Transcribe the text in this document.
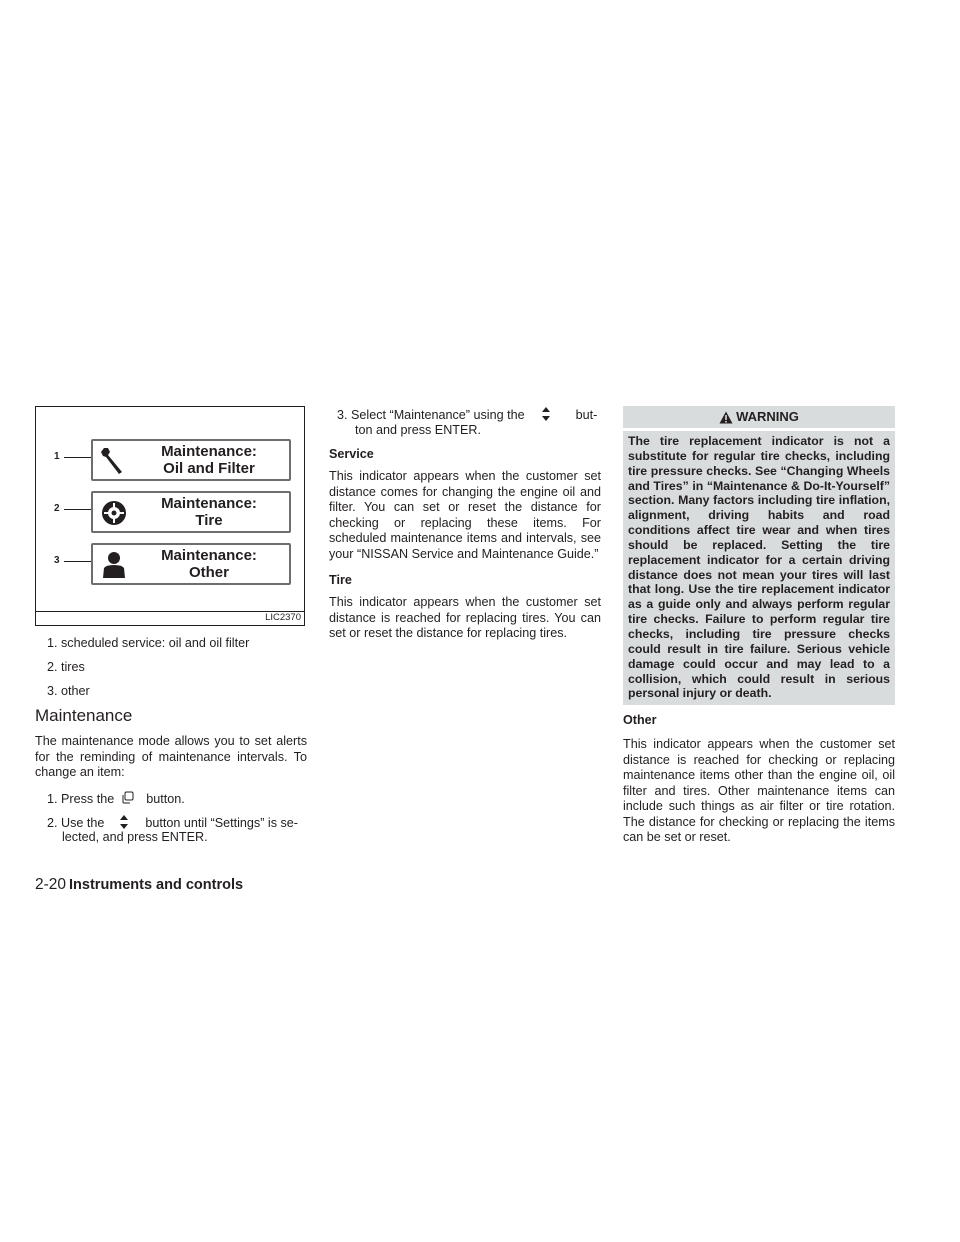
1	Maintenance:
Oil and Filter
2	Maintenance:
Tire
3	Maintenance:
Other
LIC2370
1. scheduled service: oil and oil filter
2. tires
3. other
Maintenance

The maintenance mode allows you to set alerts for the reminding of maintenance intervals. To change an item:

1. Press the	button.
2. Use the	button until “Settings” is se-
lected, and press ENTER.
3. Select “Maintenance” using the	but-
ton and press ENTER.
Service

This indicator appears when the customer set distance comes for changing the engine oil and filter. You can set or reset the distance for checking or replacing these items. For scheduled maintenance items and intervals, see your “NISSAN Service and Maintenance Guide.”

Tire

This indicator appears when the customer set distance is reached for replacing tires. You can set or reset the distance for replacing tires.

WARNING

The tire replacement indicator is not a substitute for regular tire checks, including tire pressure checks. See “Changing Wheels and Tires” in “Maintenance & Do-It-Yourself” section. Many factors including tire inflation, alignment, driving habits and road conditions affect tire wear and when tires should be replaced. Setting the tire replacement indicator for a certain driving distance does not mean your tires will last that long. Use the tire replacement indicator as a guide only and always perform regular tire checks. Failure to perform regular tire checks, including tire pressure checks could result in tire failure. Serious vehicle damage could occur and may lead to a collision, which could result in serious personal injury or death.

Other

This indicator appears when the customer set distance is reached for checking or replacing maintenance items other than the engine oil, oil filter and tires. Other maintenance items can include such things as air filter or tire rotation. The distance for checking or replacing the items can be set or reset.

2-20 Instruments and controls
